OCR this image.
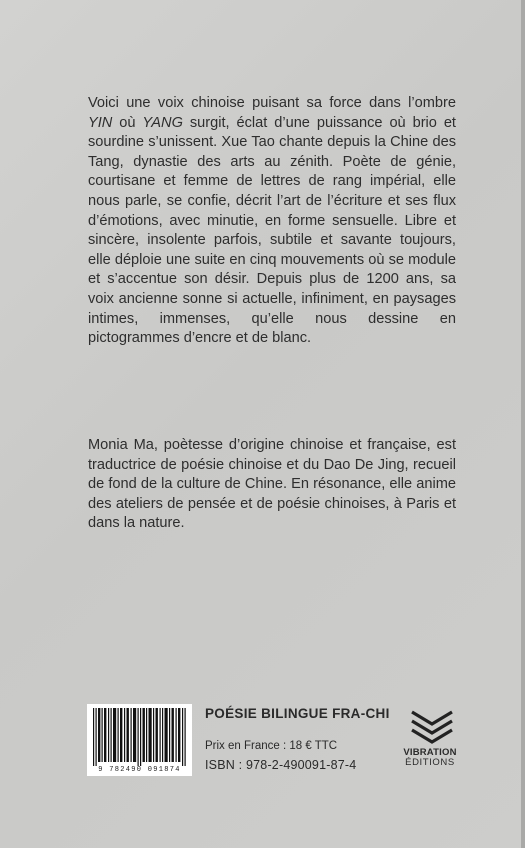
Voici une voix chinoise puisant sa force dans l’ombre YIN où YANG surgit, éclat d’une puissance où brio et sourdine s’unissent. Xue Tao chante depuis la Chine des Tang, dynastie des arts au zénith. Poète de génie, courtisane et femme de lettres de rang impérial, elle nous parle, se confie, décrit l’art de l’écriture et ses flux d’émotions, avec minutie, en forme sensuelle. Libre et sincère, insolente parfois, subtile et savante toujours, elle déploie une suite en cinq mouvements où se module et s’accentue son désir. Depuis plus de 1200 ans, sa voix ancienne sonne si actuelle, infiniment, en paysages intimes, immenses, qu’elle nous dessine en pictogrammes d’encre et de blanc.
Monia Ma, poètesse d’origine chinoise et française, est traductrice de poésie chinoise et du Dao De Jing, recueil de fond de la culture de Chine. En résonance, elle anime des ateliers de pensée et de poésie chinoises, à Paris et dans la nature.
9 782490 091874
POÉSIE BILINGUE FRA-CHI
Prix en France : 18 € TTC
ISBN : 978-2-490091-87-4
VIBRATION
ÉDITIONS
